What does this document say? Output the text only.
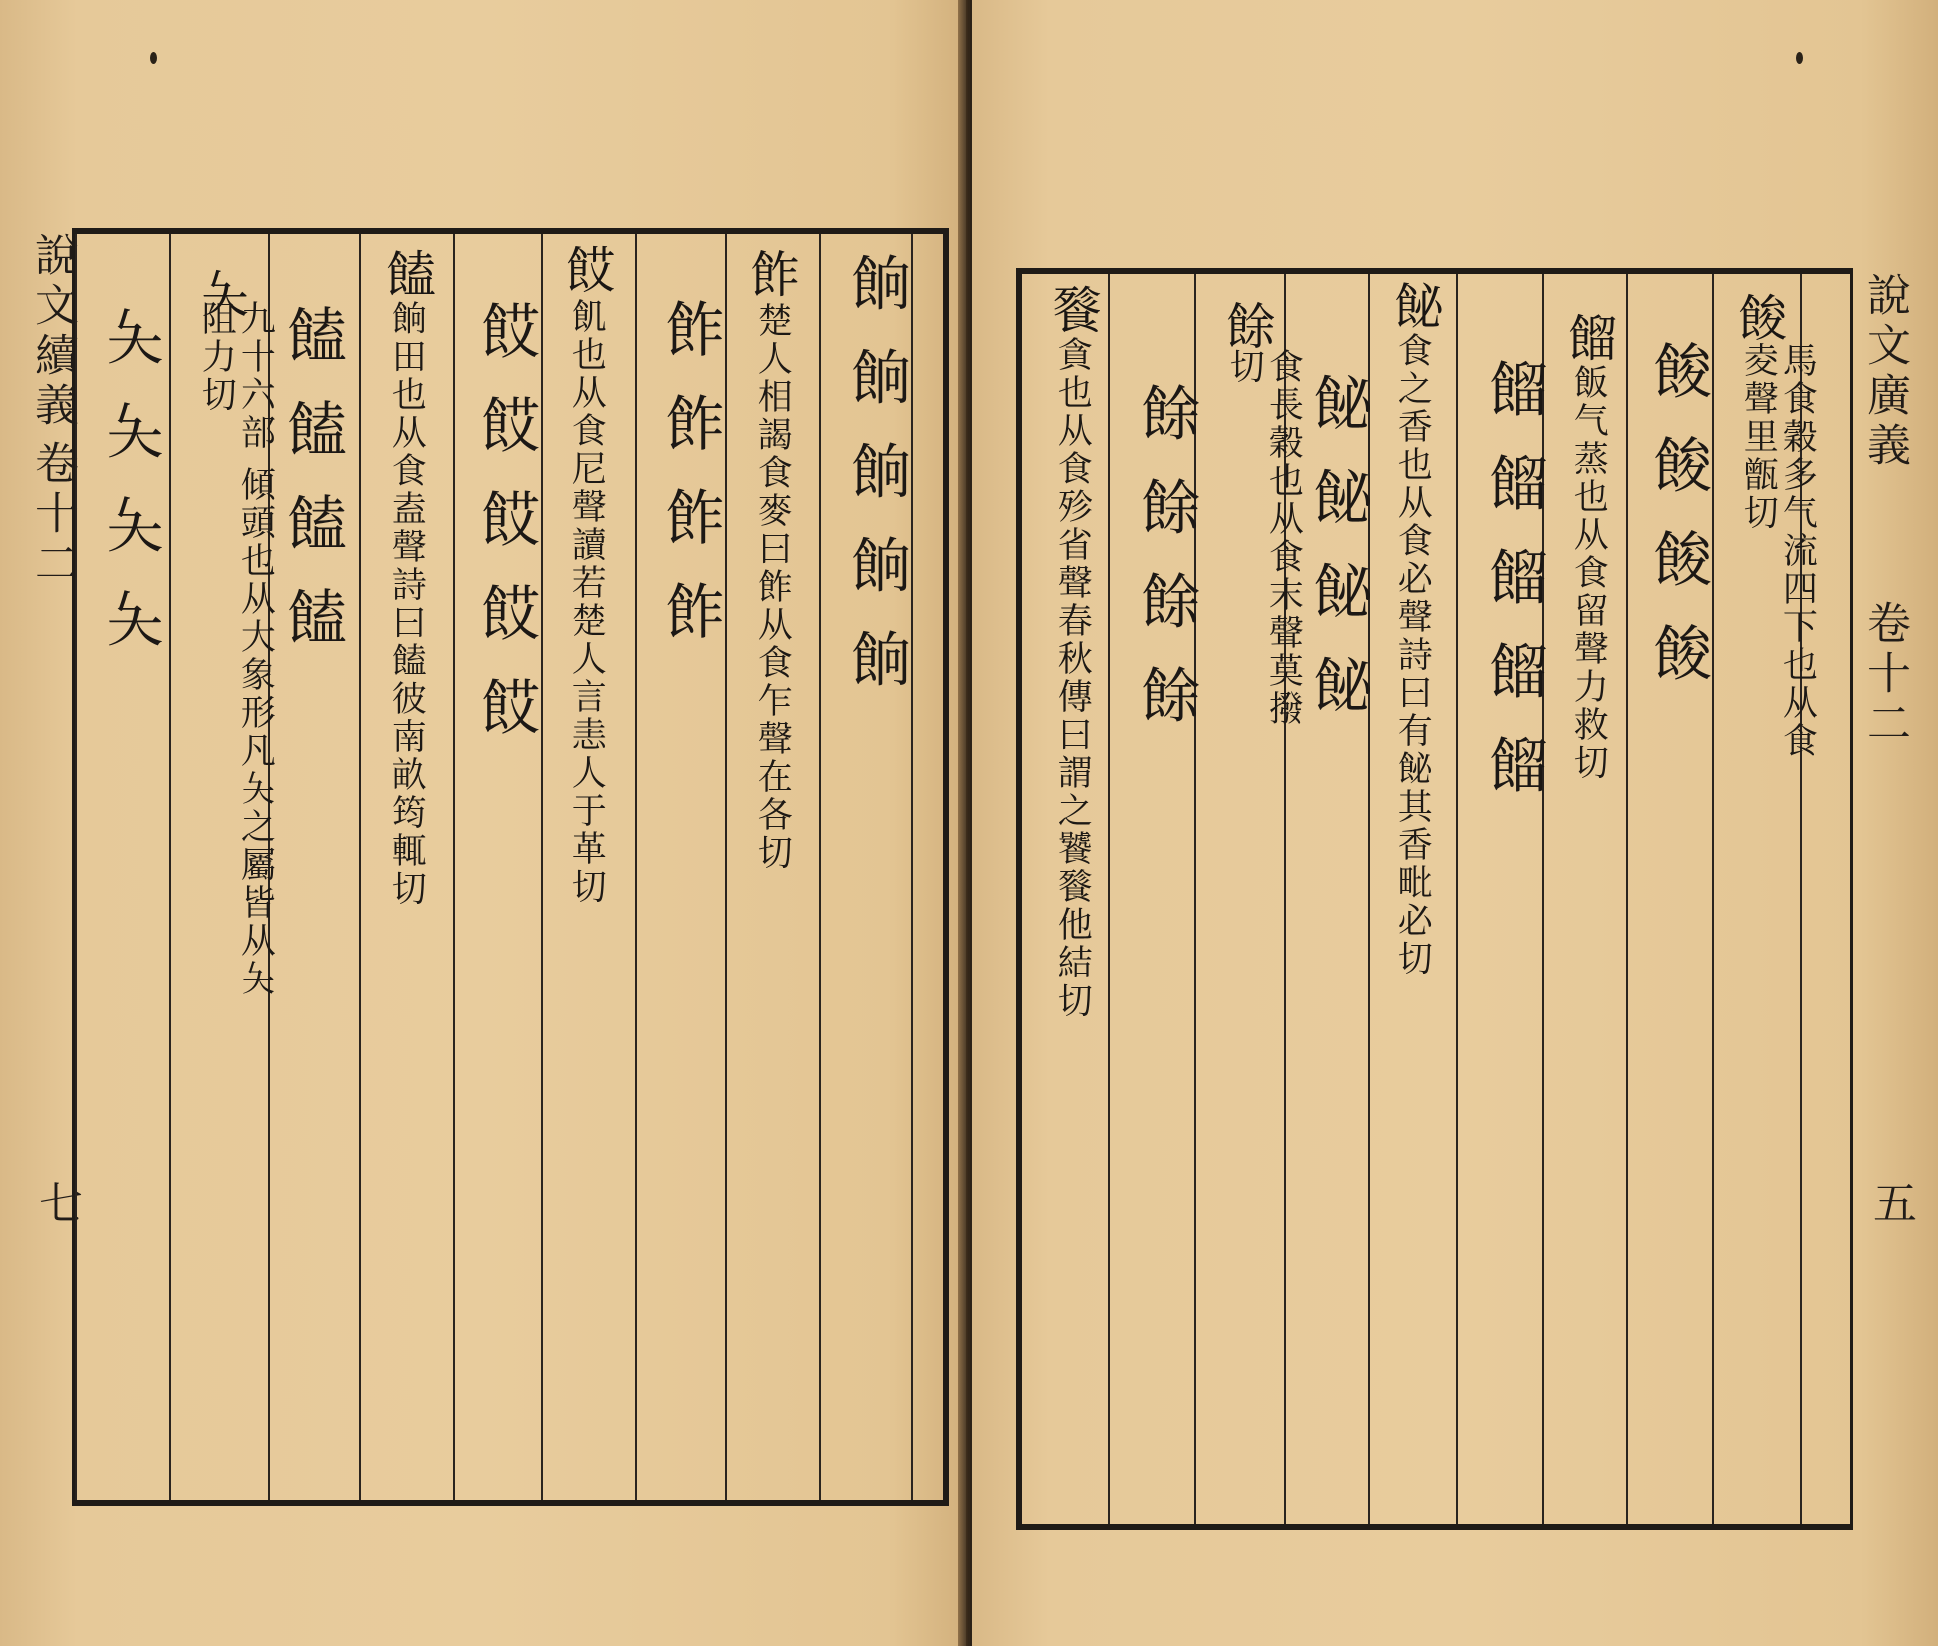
說文續義
卷十二
七
餉餉餉餉餉
飵
楚人相謁食麥曰飵从食乍聲在各切
飵飵飵飵
餀
飢也从食尼聲讀若楚人言恚人于革切
餀餀餀餀餀
饁
餉田也从食盍聲詩曰饁彼南畝筠輒切
饁饁饁饁
夨
九十六部 傾頭也从大象形凡夨之屬皆从夨阻力切
夨夨夨夨	說文廣義
卷十二
五
餕
馬食穀多气流四下也从食夌聲里甑切
餕餕餕餕
餾
飯气蒸也从食留聲力救切
餾餾餾餾餾
飶
食之香也从食必聲詩曰有飶其香毗必切
飶飶飶飶
餘
食長穀也从食末聲莫撥切
餘餘餘餘
餮
貪也从食殄省聲春秋傳曰謂之饕餮他結切
